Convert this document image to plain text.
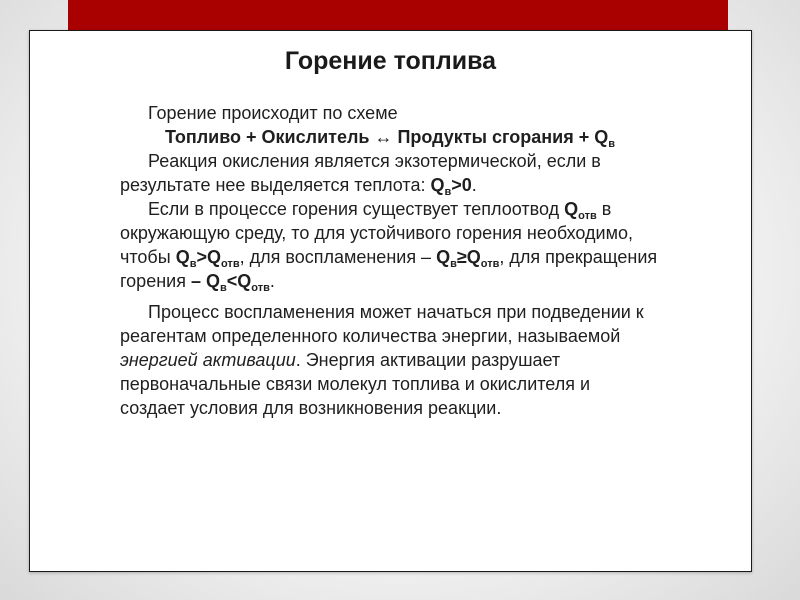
Горение топлива

Горение происходит по схеме

Топливо + Окислитель ↔ Продукты сгорания + $Q_в$

Реакция окисления является экзотермической, если в результате нее выделяется теплота: $Q_в>0$.

Если в процессе горения существует теплоотвод $Q_{отв}$ в окружающую среду, то для устойчивого горения необходимо, чтобы $Q_в>Q_{отв}$, для воспламенения – $Q_в\ge Q_{отв}$, для прекращения горения – $Q_в<Q_{отв}$.

Процесс воспламенения может начаться при подведении к реагентам определенного количества энергии, называемой энергией активации. Энергия активации разрушает первоначальные связи молекул топлива и окислителя и создает условия для возникновения реакции.
